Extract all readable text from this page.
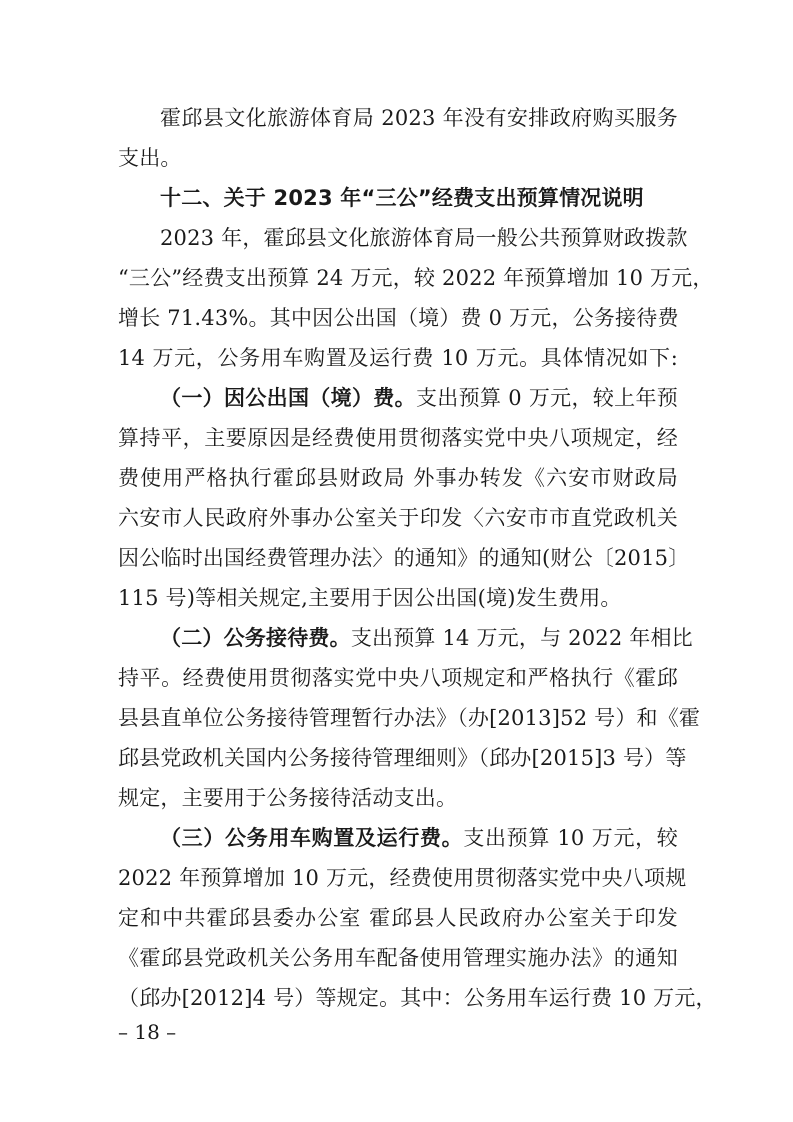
霍邱县文化旅游体育局 2023 年没有安排政府购买服务
支出。
十二、关于 2023 年“三公”经费支出预算情况说明
2023 年，霍邱县文化旅游体育局一般公共预算财政拨款
“三公”经费支出预算 24 万元，较 2022 年预算增加 10 万元，
增长 71.43%。其中因公出国（境）费 0 万元，公务接待费
14 万元，公务用车购置及运行费 10 万元。具体情况如下:
（一）因公出国（境）费。支出预算 0 万元，较上年预
算持平，主要原因是经费使用贯彻落实党中央八项规定，经
费使用严格执行霍邱县财政局 外事办转发《六安市财政局
六安市人民政府外事办公室关于印发〈六安市市直党政机关
因公临时出国经费管理办法〉的通知》的通知(财公〔2015〕
115 号)等相关规定,主要用于因公出国(境)发生费用。
（二）公务接待费。支出预算 14 万元，与 2022 年相比
持平。经费使用贯彻落实党中央八项规定和严格执行《霍邱
县县直单位公务接待管理暂行办法》（办[2013]52 号）和《霍
邱县党政机关国内公务接待管理细则》（邱办[2015]3 号）等
规定，主要用于公务接待活动支出。
（三）公务用车购置及运行费。支出预算 10 万元，较
2022 年预算增加 10 万元，经费使用贯彻落实党中央八项规
定和中共霍邱县委办公室 霍邱县人民政府办公室关于印发
《霍邱县党政机关公务用车配备使用管理实施办法》的通知
（邱办[2012]4 号）等规定。其中：公务用车运行费 10 万元，
– 18 –
